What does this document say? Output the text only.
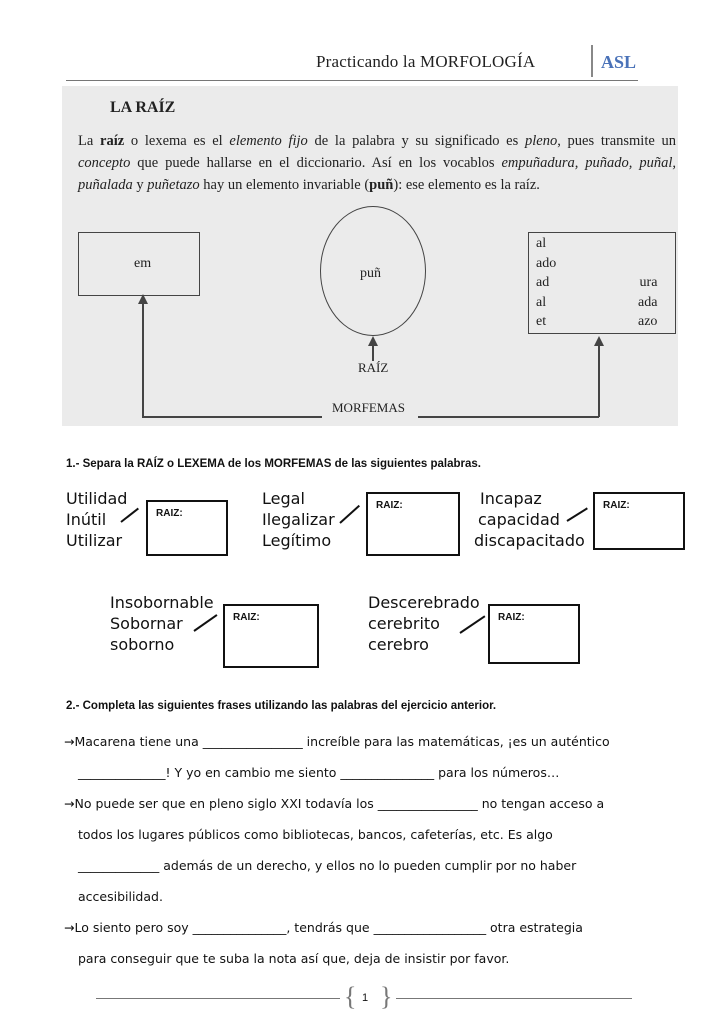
Practicando la MORFOLOGÍA	ASL
LA RAÍZ
La raíz o lexema es el elemento fijo de la palabra y su significado es pleno, pues transmite un concepto que puede hallarse en el diccionario. Así en los vocablos empuñadura, puñado, puñal, puñalada y puñetazo hay un elemento invariable (puñ): ese elemento es la raíz.
em
puñ
al
ado
ad
al
et
ura
ada
azo
RAÍZ
MORFEMAS
1.- Separa la RAÍZ o LEXEMA de los MORFEMAS de las siguientes palabras.
Utilidad
Inútil
Utilizar
RAIZ:
Legal
Ilegalizar
Legítimo
RAIZ:	Incapaz
capacidad
discapacitado
RAIZ:
Insobornable
Sobornar
soborno
RAIZ:
Descerebrado
cerebrito
cerebro
RAIZ:
2.- Completa las siguientes frases utilizando las palabras del ejercicio anterior.
→Macarena tiene una ________________ increíble para las matemáticas, ¡es un auténtico
______________! Y yo en cambio me siento _______________ para los números…
→No puede ser que en pleno siglo XXI todavía los ________________ no tengan acceso a
todos los lugares públicos como bibliotecas, bancos, cafeterías, etc. Es algo
_____________ además de un derecho, y ellos no lo pueden cumplir por no haber
accesibilidad.
→Lo siento pero soy _______________, tendrás que __________________ otra estrategia
para conseguir que te suba la nota así que, deja de insistir por favor.
{ 1 }
